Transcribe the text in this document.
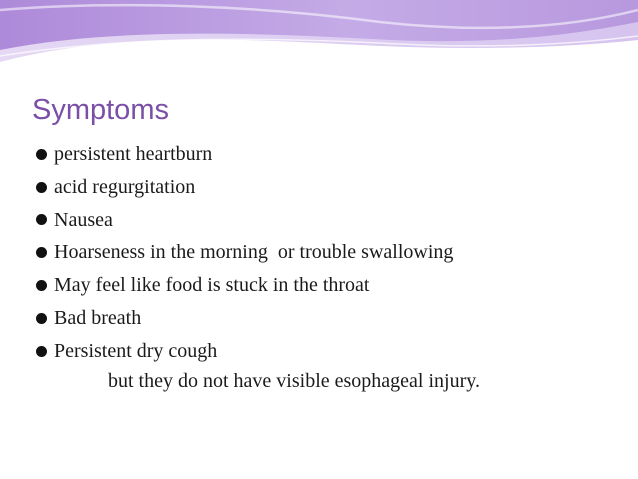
Symptoms
persistent heartburn
acid regurgitation
Nausea
Hoarseness in the morning  or trouble swallowing
May feel like food is stuck in the throat
Bad breath
Persistent dry cough
but they do not have visible esophageal injury.
